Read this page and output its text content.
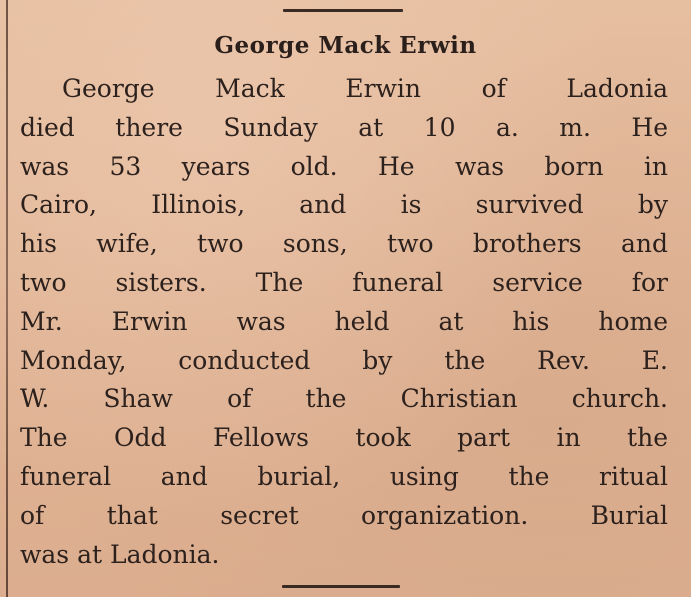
George Mack Erwin
George Mack Erwin of Ladonia
died there Sunday at 10 a. m. He
was 53 years old. He was born in
Cairo, Illinois, and is survived by
his wife, two sons, two brothers and
two sisters. The funeral service for
Mr. Erwin was held at his home
Monday, conducted by the Rev. E.
W. Shaw of the Christian church.
The Odd Fellows took part in the
funeral and burial, using the ritual
of that secret organization. Burial
was at Ladonia.
